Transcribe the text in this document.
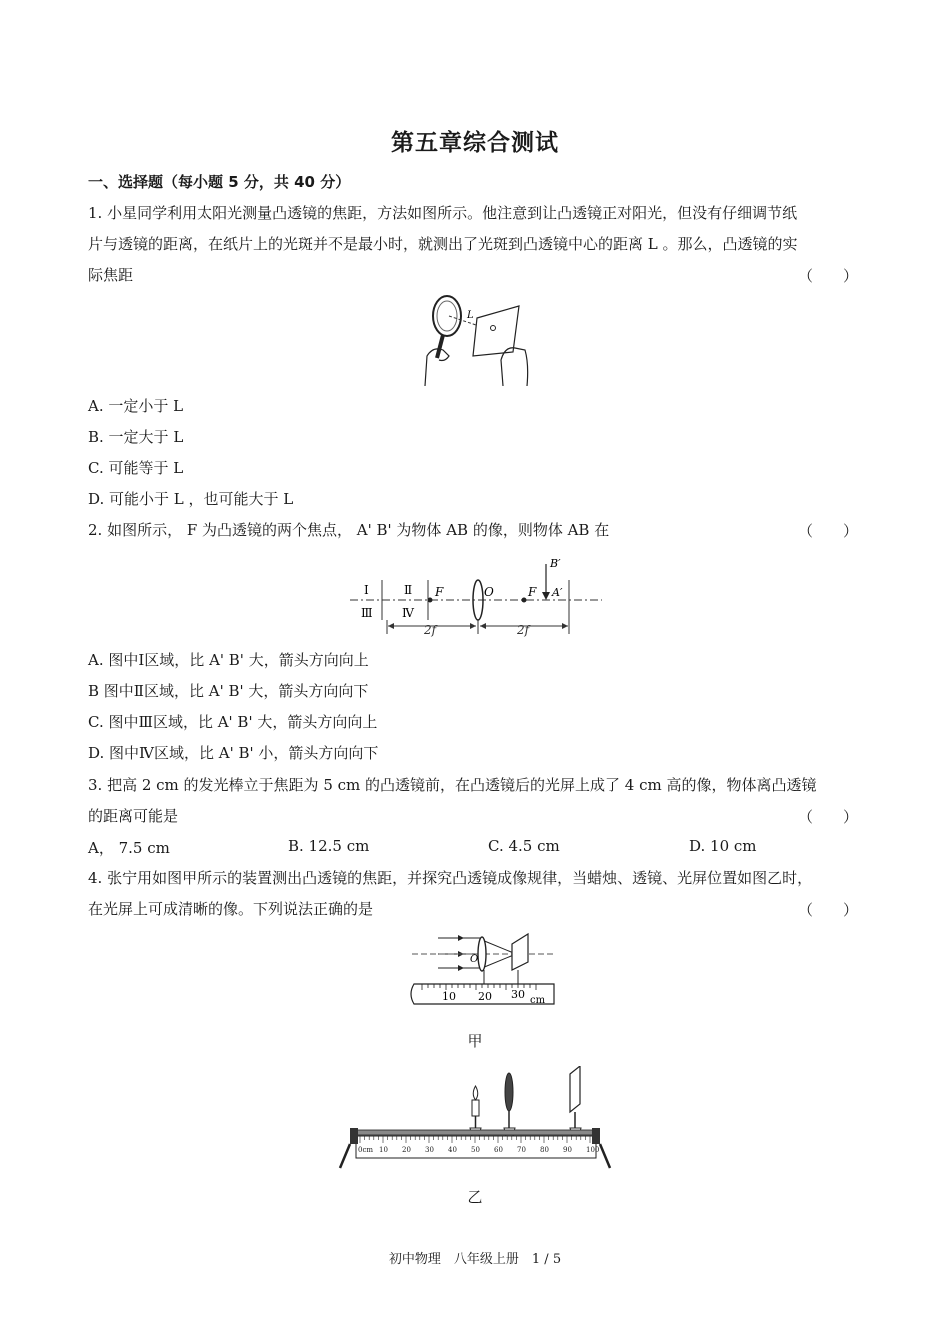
第五章综合测试
一、选择题（每小题 5 分，共 40 分）
1. 小星同学利用太阳光测量凸透镜的焦距，方法如图所示。他注意到让凸透镜正对阳光，但没有仔细调节纸
片与透镜的距离，在纸片上的光斑并不是最小时，就测出了光斑到凸透镜中心的距离 L 。那么，凸透镜的实
际焦距	（　　）
L
A. 一定小于 L
B. 一定大于 L
C. 可能等于 L
D. 可能小于 L ，也可能大于 L
2. 如图所示， F 为凸透镜的两个焦点， A' B' 为物体 AB 的像，则物体 AB 在	（　　）
Ⅰ	Ⅱ
Ⅲ Ⅳ
F	O	F
B′
A′
2f	2f
A. 图中Ⅰ区域，比 A' B' 大，箭头方向向上
B 图中Ⅱ区域，比 A' B' 大，箭头方向向下
C. 图中Ⅲ区域，比 A' B' 大，箭头方向向上
D. 图中Ⅳ区域，比 A' B' 小，箭头方向向下
3. 把高 2 cm 的发光棒立于焦距为 5 cm 的凸透镜前，在凸透镜后的光屏上成了 4 cm 高的像，物体离凸透镜
的距离可能是	（　　）
A， 7.5 cm	B. 12.5 cm	C. 4.5 cm	D. 10 cm
4. 张宁用如图甲所示的装置测出凸透镜的焦距，并探究凸透镜成像规律，当蜡烛、透镜、光屏位置如图乙时，
在光屏上可成清晰的像。下列说法正确的是	（　　）
O
10 20 30 cm
甲
0cm 10 20 30 40 50 60 70 80 90 100
乙
初中物理　八年级上册　1 / 5
